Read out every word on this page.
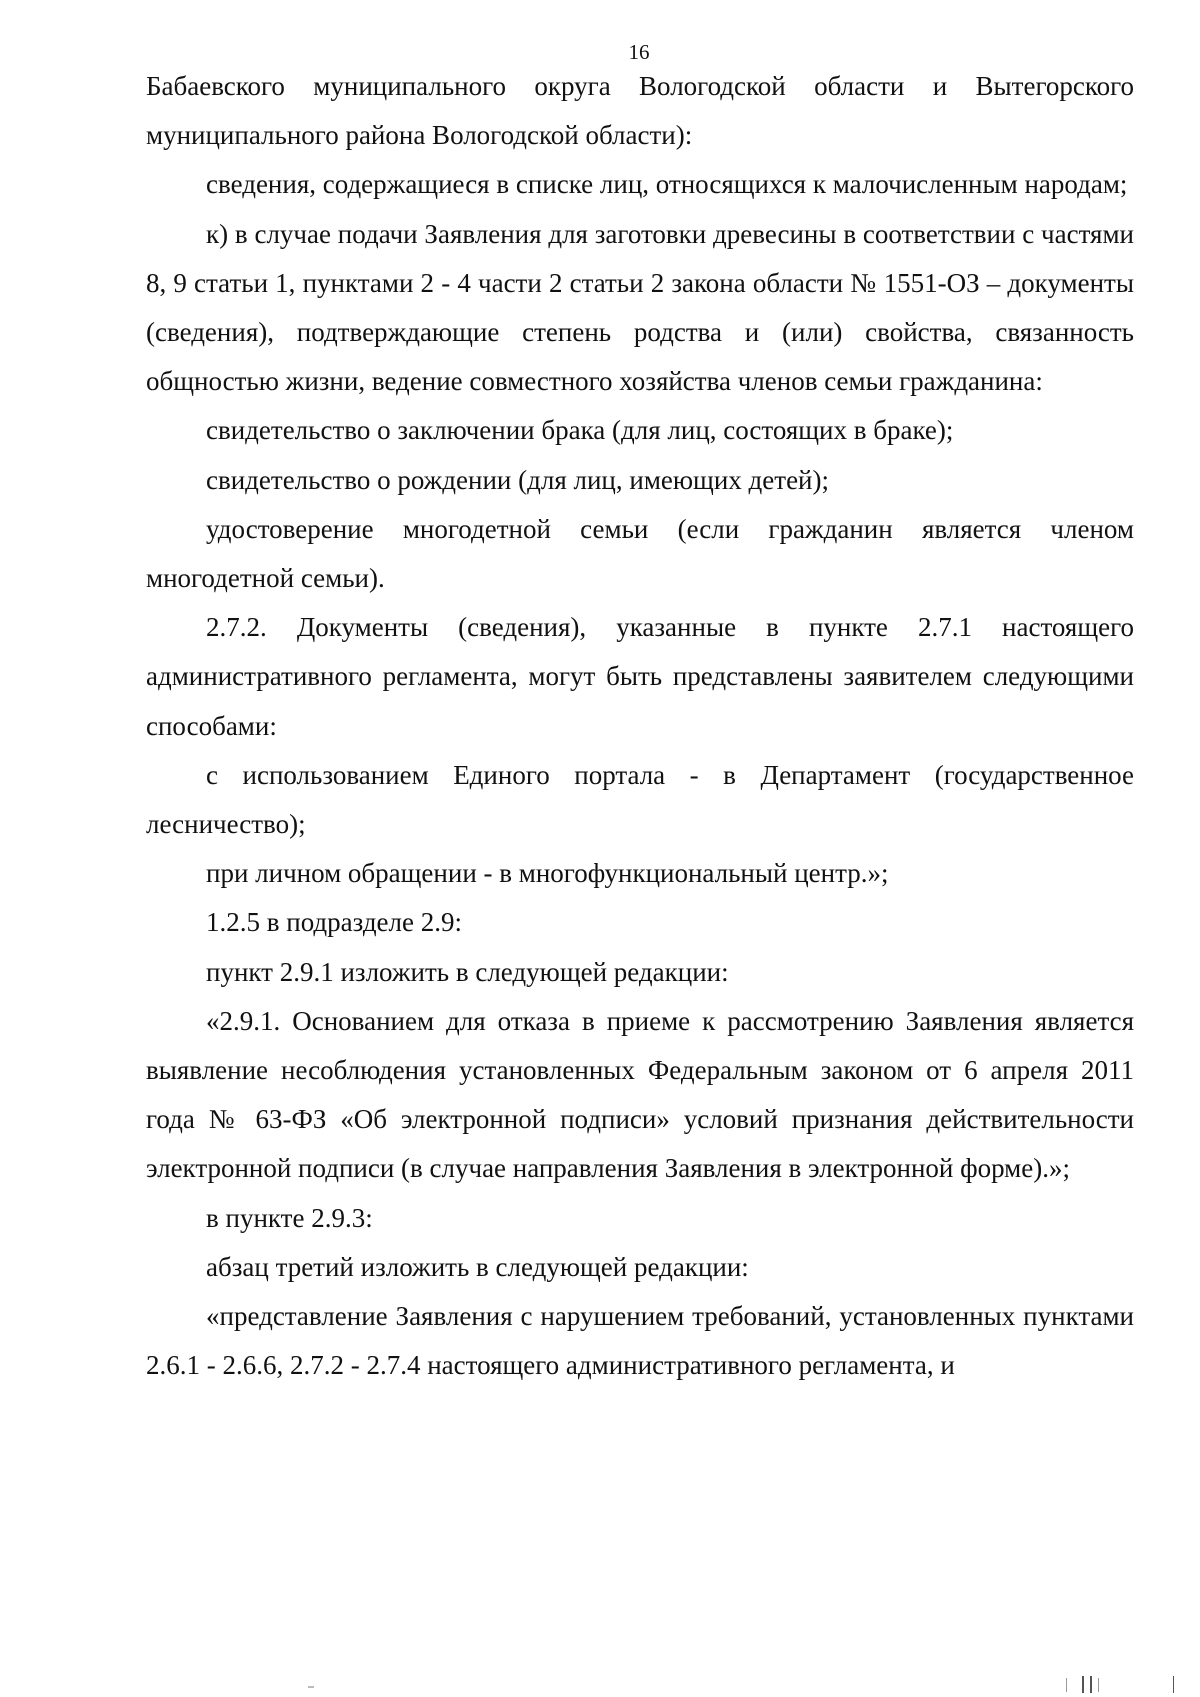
16

Бабаевского муниципального округа Вологодской области и Вытегорского муниципального района Вологодской области):

сведения, содержащиеся в списке лиц, относящихся к малочисленным народам;

к) в случае подачи Заявления для заготовки древесины в соответствии с частями 8, 9 статьи 1, пунктами 2 - 4 части 2 статьи 2 закона области № 1551-ОЗ – документы (сведения), подтверждающие степень родства и (или) свойства, связанность общностью жизни, ведение совместного хозяйства членов семьи гражданина:

свидетельство о заключении брака (для лиц, состоящих в браке);

свидетельство о рождении (для лиц, имеющих детей);

удостоверение многодетной семьи (если гражданин является членом многодетной семьи).

2.7.2. Документы (сведения), указанные в пункте 2.7.1 настоящего административного регламента, могут быть представлены заявителем следующими способами:

с использованием Единого портала - в Департамент (государственное лесничество);

при личном обращении - в многофункциональный центр.»;

1.2.5 в подразделе 2.9:

пункт 2.9.1 изложить в следующей редакции:

«2.9.1. Основанием для отказа в приеме к рассмотрению Заявления является выявление несоблюдения установленных Федеральным законом от 6 апреля 2011 года № 63-ФЗ «Об электронной подписи» условий признания действительности электронной подписи (в случае направления Заявления в электронной форме).»;

в пункте 2.9.3:

абзац третий изложить в следующей редакции:

«представление Заявления с нарушением требований, установленных пунктами 2.6.1 - 2.6.6, 2.7.2 - 2.7.4 настоящего административного регламента, и
